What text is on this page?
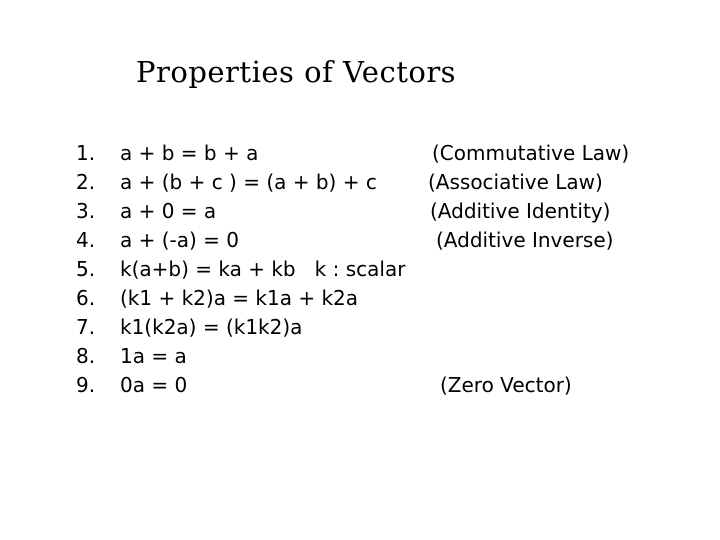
Properties of Vectors
1. a + b = b + a	(Commutative Law)
2. a + (b + c ) = (a + b) + c	(Associative Law)
3. a + 0 = a	(Additive Identity)
4. a + (-a) = 0	(Additive Inverse)
5. k(a+b) = ka + kb   k : scalar
6. (k1 + k2)a = k1a + k2a
7. k1(k2a) = (k1k2)a
8. 1a = a
9. 0a = 0	(Zero Vector)
